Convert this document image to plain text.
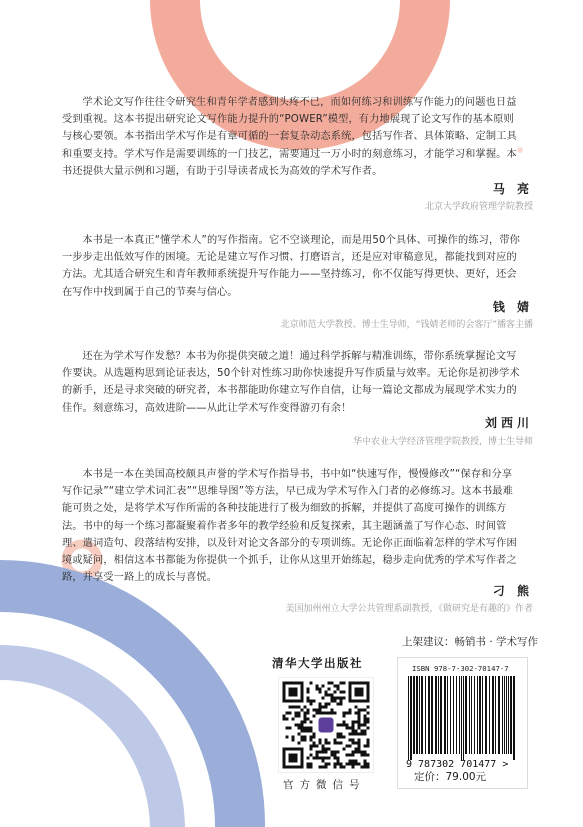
学术论文写作往往令研究生和青年学者感到头疼不已，而如何练习和训练写作能力的问题也日益受到重视。这本书提出研究论文写作能力提升的“POWER”模型，有力地展现了论文写作的基本原则与核心要领。本书指出学术写作是有章可循的一套复杂动态系统，包括写作者、具体策略、定制工具和重要支持。学术写作是需要训练的一门技艺，需要通过一万小时的刻意练习，才能学习和掌握。本书还提供大量示例和习题，有助于引导读者成长为高效的学术写作者。

马 亮
北京大学政府管理学院教授

本书是一本真正“懂学术人”的写作指南。它不空谈理论，而是用50个具体、可操作的练习，带你一步步走出低效写作的困境。无论是建立写作习惯、打磨语言，还是应对审稿意见，都能找到对应的方法。尤其适合研究生和青年教师系统提升写作能力——坚持练习，你不仅能写得更快、更好，还会在写作中找到属于自己的节奏与信心。

钱 婧
北京师范大学教授、博士生导师，“钱婧老师的会客厅”播客主播

还在为学术写作发愁？本书为你提供突破之道！通过科学拆解与精准训练，带你系统掌握论文写作要诀。从选题构思到论证表达，50个针对性练习助你快速提升写作质量与效率。无论你是初涉学术的新手，还是寻求突破的研究者，本书都能助你建立写作自信，让每一篇论文都成为展现学术实力的佳作。刻意练习，高效进阶——从此让学术写作变得游刃有余！

刘西川
华中农业大学经济管理学院教授，博士生导师

本书是一本在美国高校颇具声誉的学术写作指导书，书中如“快速写作，慢慢修改”“保存和分享写作记录”“建立学术词汇表”“思维导图”等方法，早已成为学术写作入门者的必修练习。这本书最难能可贵之处，是将学术写作所需的各种技能进行了极为细致的拆解，并提供了高度可操作的训练方法。书中的每一个练习都凝聚着作者多年的教学经验和反复探索，其主题涵盖了写作心态、时间管理、遣词造句、段落结构安排，以及针对论文各部分的专项训练。无论你正面临着怎样的学术写作困境或疑问，相信这本书都能为你提供一个抓手，让你从这里开始练起，稳步走向优秀的学术写作者之路，并享受一路上的成长与喜悦。

刁 熊
美国加州州立大学公共管理系副教授，《做研究是有趣的》作者
上架建议：畅销书 · 学术写作
清华大学出版社
官方微信号
9 787302 701477 >
ISBN 978-7-302-70147-7
定价：79.00元
